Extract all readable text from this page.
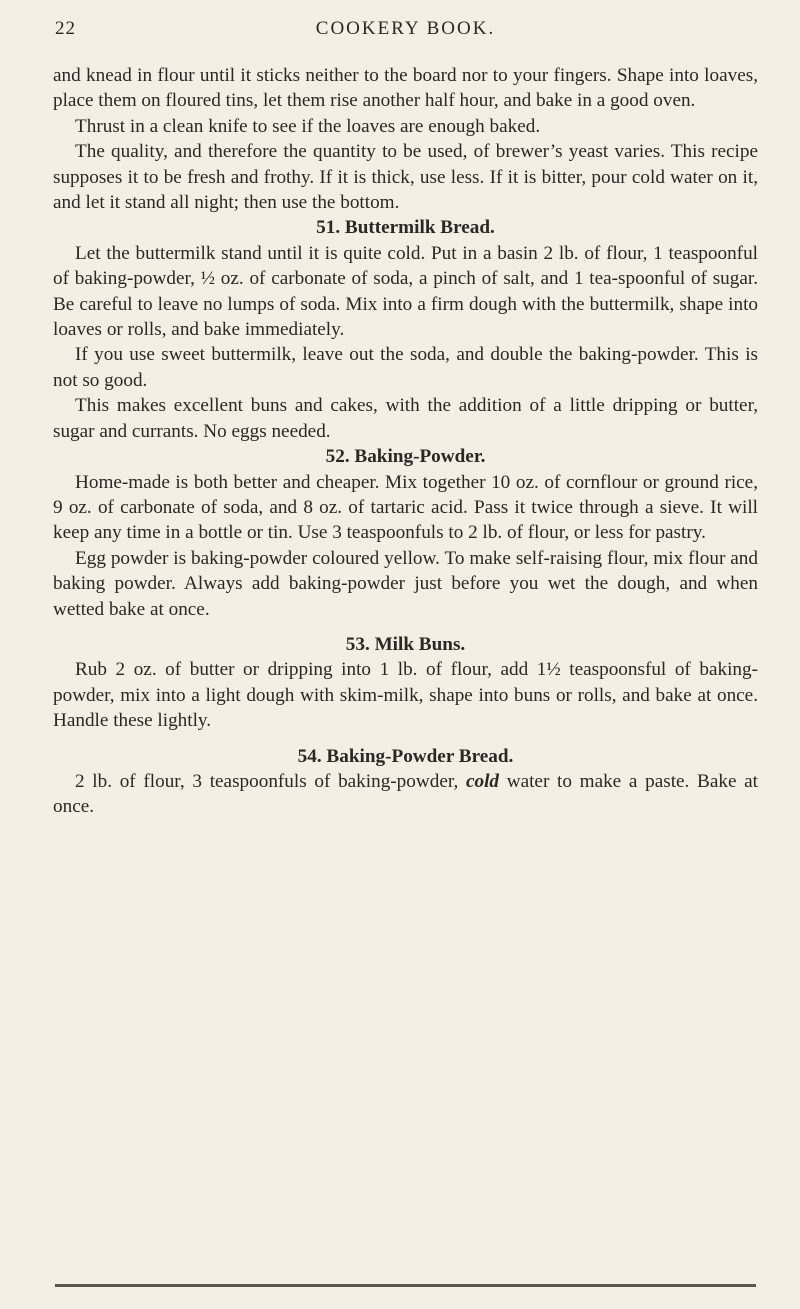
22	COOKERY BOOK.

and knead in flour until it sticks neither to the board nor to your fingers. Shape into loaves, place them on floured tins, let them rise another half hour, and bake in a good oven.

Thrust in a clean knife to see if the loaves are enough baked.

The quality, and therefore the quantity to be used, of brewer’s yeast varies. This recipe supposes it to be fresh and frothy. If it is thick, use less. If it is bitter, pour cold water on it, and let it stand all night; then use the bottom.

51. Buttermilk Bread.

Let the buttermilk stand until it is quite cold. Put in a basin 2 lb. of flour, 1 teaspoonful of baking-powder, ½ oz. of carbonate of soda, a pinch of salt, and 1 tea-spoonful of sugar. Be careful to leave no lumps of soda. Mix into a firm dough with the buttermilk, shape into loaves or rolls, and bake immediately.

If you use sweet buttermilk, leave out the soda, and double the baking-powder. This is not so good.

This makes excellent buns and cakes, with the addition of a little dripping or butter, sugar and currants. No eggs needed.

52. Baking-Powder.

Home-made is both better and cheaper. Mix together 10 oz. of cornflour or ground rice, 9 oz. of carbonate of soda, and 8 oz. of tartaric acid. Pass it twice through a sieve. It will keep any time in a bottle or tin. Use 3 teaspoonfuls to 2 lb. of flour, or less for pastry.

Egg powder is baking-powder coloured yellow. To make self-raising flour, mix flour and baking powder. Always add baking-powder just before you wet the dough, and when wetted bake at once.

53. Milk Buns.

Rub 2 oz. of butter or dripping into 1 lb. of flour, add 1½ teaspoonsful of baking-powder, mix into a light dough with skim-milk, shape into buns or rolls, and bake at once. Handle these lightly.

54. Baking-Powder Bread.

2 lb. of flour, 3 teaspoonfuls of baking-powder, cold water to make a paste. Bake at once.
